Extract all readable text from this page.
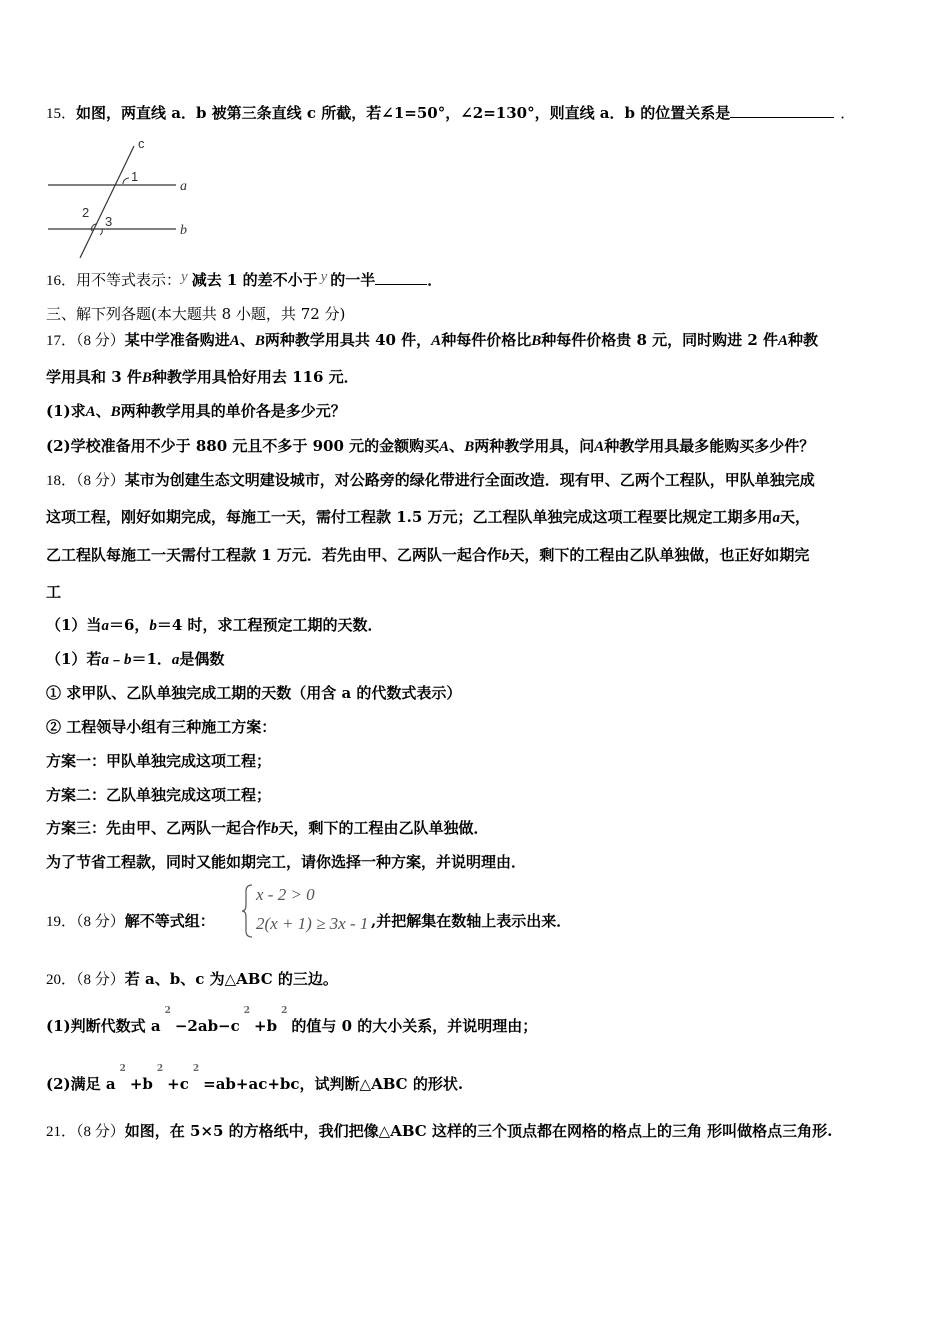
15．如图，两直线 a．b 被第三条直线 c 所截，若∠1=50°，∠2=130°，则直线 a．b 的位置关系是	．
c
1
a
2
3
b
16．用不等式表示：y 减去 1 的差不小于 y 的一半	．
三、解下列各题(本大题共 8 小题，共 72 分)
17．（8 分）某中学准备购进A、B两种教学用具共 40 件，A种每件价格比B种每件价格贵 8 元，同时购进 2 件A种教
学用具和 3 件B种教学用具恰好用去 116 元．
(1)求A、B两种教学用具的单价各是多少元？
(2)学校准备用不少于 880 元且不多于 900 元的金额购买A、B两种教学用具，问A种教学用具最多能购买多少件？
18．（8 分）某市为创建生态文明建设城市，对公路旁的绿化带进行全面改造．现有甲、乙两个工程队，甲队单独完成
这项工程，刚好如期完成，每施工一天，需付工程款 1.5 万元；乙工程队单独完成这项工程要比规定工期多用a天，
乙工程队每施工一天需付工程款 1 万元．若先由甲、乙两队一起合作b天，剩下的工程由乙队单独做，也正好如期完
工
（1）当a＝6，b＝4 时，求工程预定工期的天数．
（1）若a﹣b＝1．a是偶数
① 求甲队、乙队单独完成工期的天数（用含 a 的代数式表示）
② 工程领导小组有三种施工方案：
方案一：甲队单独完成这项工程；
方案二：乙队单独完成这项工程；
方案三：先由甲、乙两队一起合作b天，剩下的工程由乙队单独做．
为了节省工程款，同时又能如期完工，请你选择一种方案，并说明理由．
19．（8 分）解不等式组：
x - 2 > 0
2(x + 1) ≥ 3x - 1 ,并把解集在数轴上表示出来．
20．（8 分）若 a、b、c 为△ABC 的三边。
(1)判断代数式 $a^2-2ab-c^2+b^2$的值与 0 的大小关系，并说明理由；
(2)满足 $a^2+b^2+c^2=ab+ac+bc$，试判断△ABC 的形状.
21．（8 分）如图，在 5×5 的方格纸中，我们把像△ABC 这样的三个顶点都在网格的格点上的三角 形叫做格点三角形.
